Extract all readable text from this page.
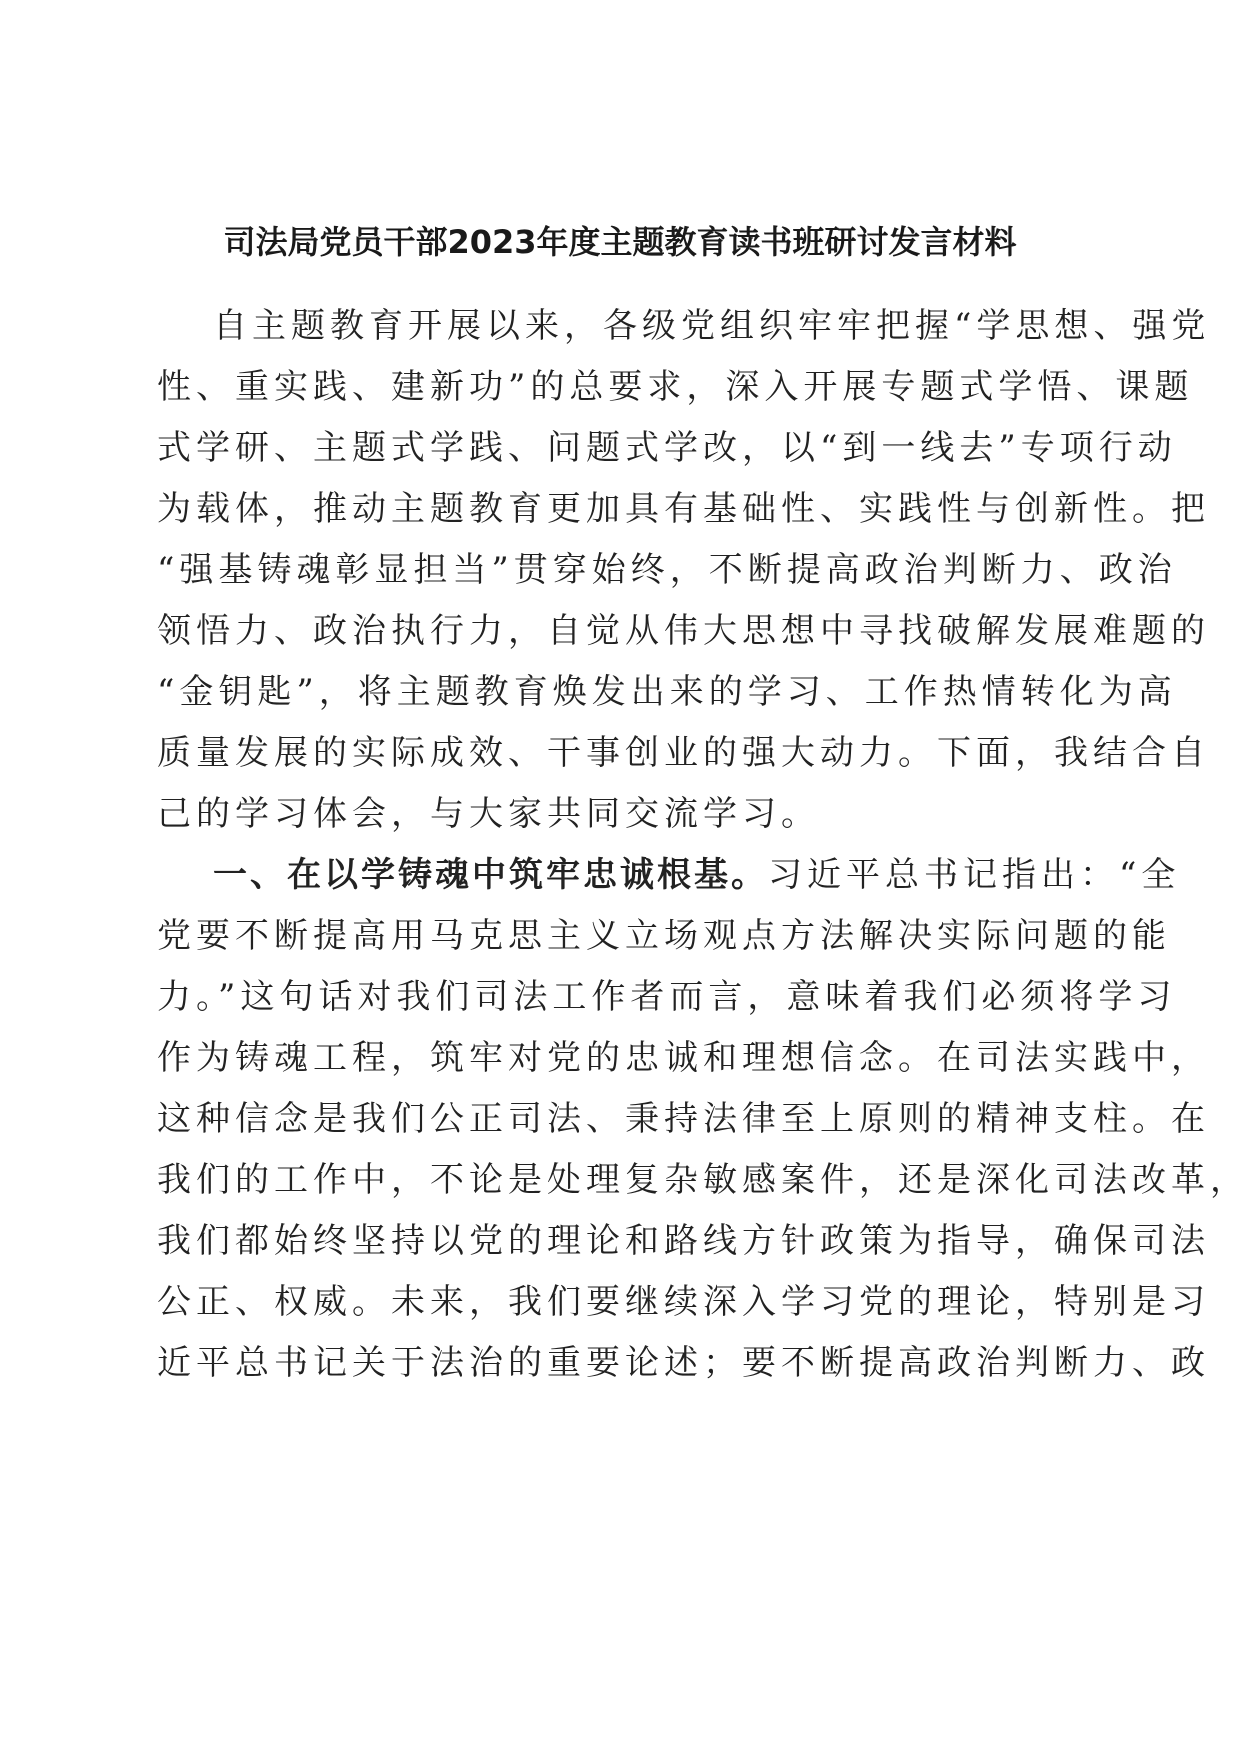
司法局党员干部2023年度主题教育读书班研讨发言材料
自主题教育开展以来，各级党组织牢牢把握“学思想、强党
性、重实践、建新功”的总要求，深入开展专题式学悟、课题
式学研、主题式学践、问题式学改，以“到一线去”专项行动
为载体，推动主题教育更加具有基础性、实践性与创新性。把
“强基铸魂彰显担当”贯穿始终，不断提高政治判断力、政治
领悟力、政治执行力，自觉从伟大思想中寻找破解发展难题的
“金钥匙”，将主题教育焕发出来的学习、工作热情转化为高
质量发展的实际成效、干事创业的强大动力。下面，我结合自
己的学习体会，与大家共同交流学习。
一、在以学铸魂中筑牢忠诚根基。习近平总书记指出：“全
党要不断提高用马克思主义立场观点方法解决实际问题的能
力。”这句话对我们司法工作者而言，意味着我们必须将学习
作为铸魂工程，筑牢对党的忠诚和理想信念。在司法实践中，
这种信念是我们公正司法、秉持法律至上原则的精神支柱。在
我们的工作中，不论是处理复杂敏感案件，还是深化司法改革，
我们都始终坚持以党的理论和路线方针政策为指导，确保司法
公正、权威。未来，我们要继续深入学习党的理论，特别是习
近平总书记关于法治的重要论述；要不断提高政治判断力、政
